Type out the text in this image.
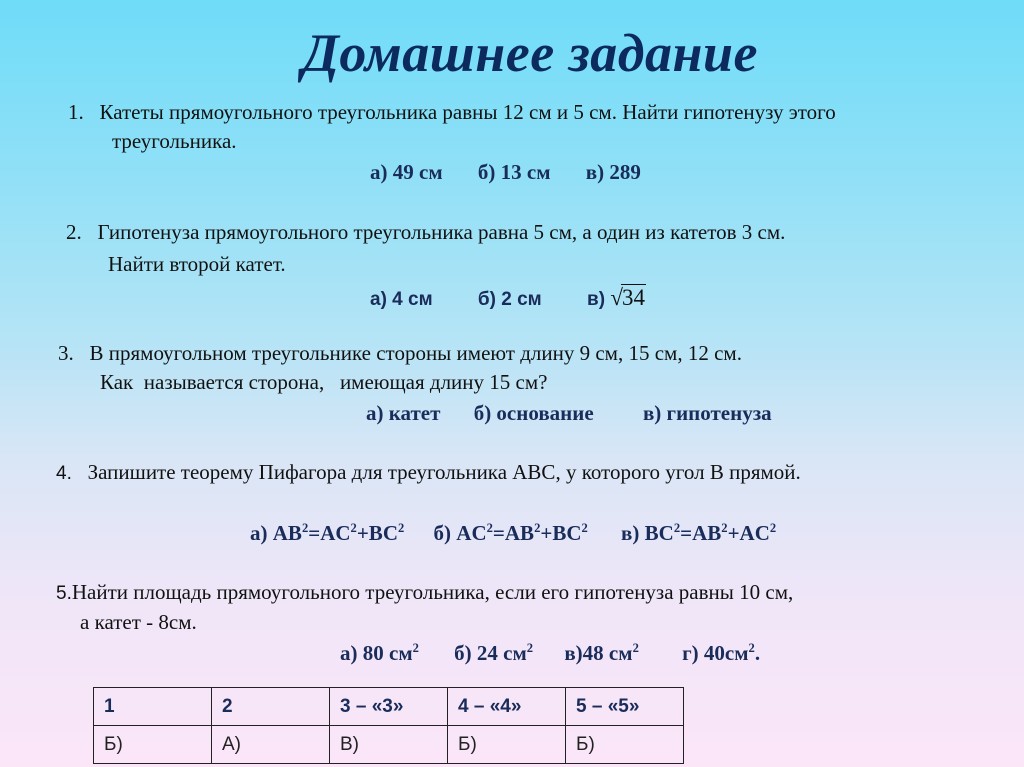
Домашнее задание
1. Катеты прямоугольного треугольника равны 12 см и 5 см. Найти гипотенузу этого
треугольника.
а) 49 см б) 13 см в) 289
2. Гипотенуза прямоугольного треугольника равна 5 см, а один из катетов 3 см.
Найти второй катет.
а) 4 см б) 2 см в) √34
3. В прямоугольном треугольнике стороны имеют длину 9 см, 15 см, 12 см.
Как  называется сторона,   имеющая длину 15 см?
а) катет б) основание в) гипотенуза
4. Запишите теорему Пифагора для треугольника АВС, у которого угол В прямой.
а) $AB^2=AC^2+BC^2$ б) $AC^2=AB^2+BC^2$ в) $BC^2=AB^2+AC^2$
5.Найти площадь прямоугольного треугольника, если его гипотенуза равны 10 см,
а катет - 8см.
а) 80 $см^2$ б) 24 $см^2$ в)48 $см^2$ г) $40см^2$.
1	2	3 – «3»	4 – «4»	5 – «5»
Б)	А)	В)	Б)	Б)
